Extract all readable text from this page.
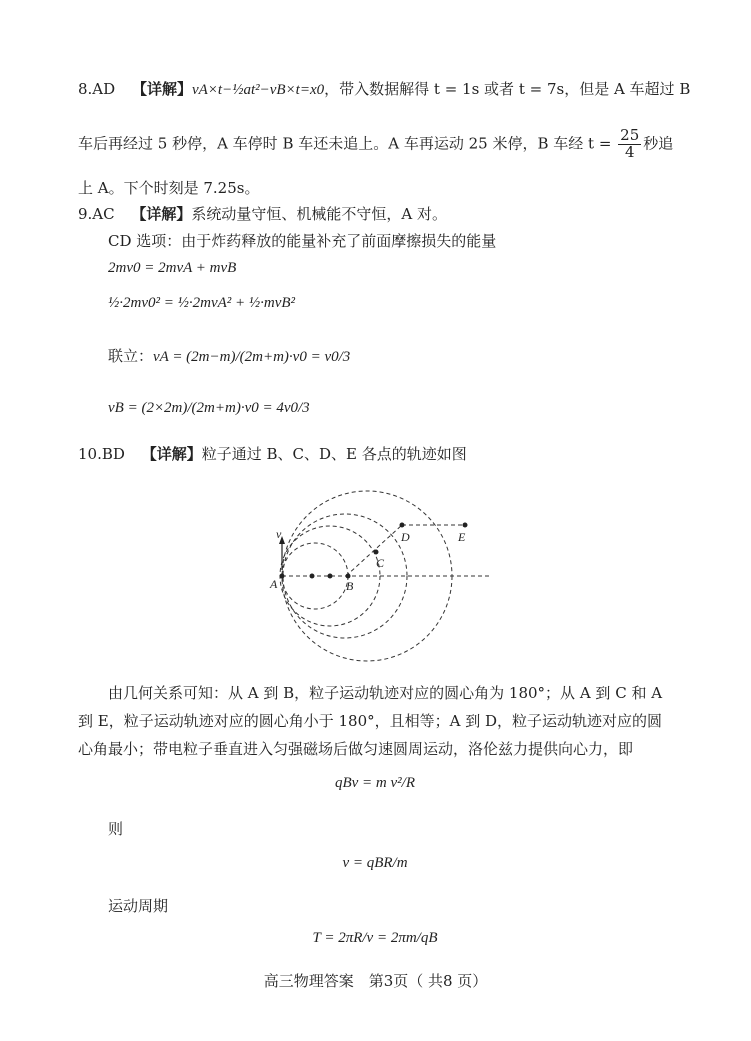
8.AD 【详解】vA×t−½at²−vB×t=x0，带入数据解得 t = 1s 或者 t = 7s，但是 A 车超过 B
车后再经过 5 秒停，A 车停时 B 车还未追上。A 车再运动 25 米停，B 车经 $t = \frac{25}{4}$ 秒追
上 A。下个时刻是 7.25s。
9.AC 【详解】系统动量守恒、机械能不守恒，A 对。
CD 选项：由于炸药释放的能量补充了前面摩擦损失的能量
2mv0 = 2mvA + mvB
½·2mv0² = ½·2mvA² + ½·mvB²
联立：vA = (2m−m)/(2m+m)·v0 = v0/3
vB = (2×2m)/(2m+m)·v0 = 4v0/3
10.BD 【详解】粒子通过 B、C、D、E 各点的轨迹如图
v
A	B
C
D	E
由几何关系可知：从 A 到 B，粒子运动轨迹对应的圆心角为 180°；从 A 到 C 和 A
到 E，粒子运动轨迹对应的圆心角小于 180°，且相等；A 到 D，粒子运动轨迹对应的圆
心角最小；带电粒子垂直进入匀强磁场后做匀速圆周运动，洛伦兹力提供向心力，即
qBv = m v²/R
则
v = qBR/m
运动周期
T = 2πR/v = 2πm/qB
高三物理答案　第3页（ 共8 页）
